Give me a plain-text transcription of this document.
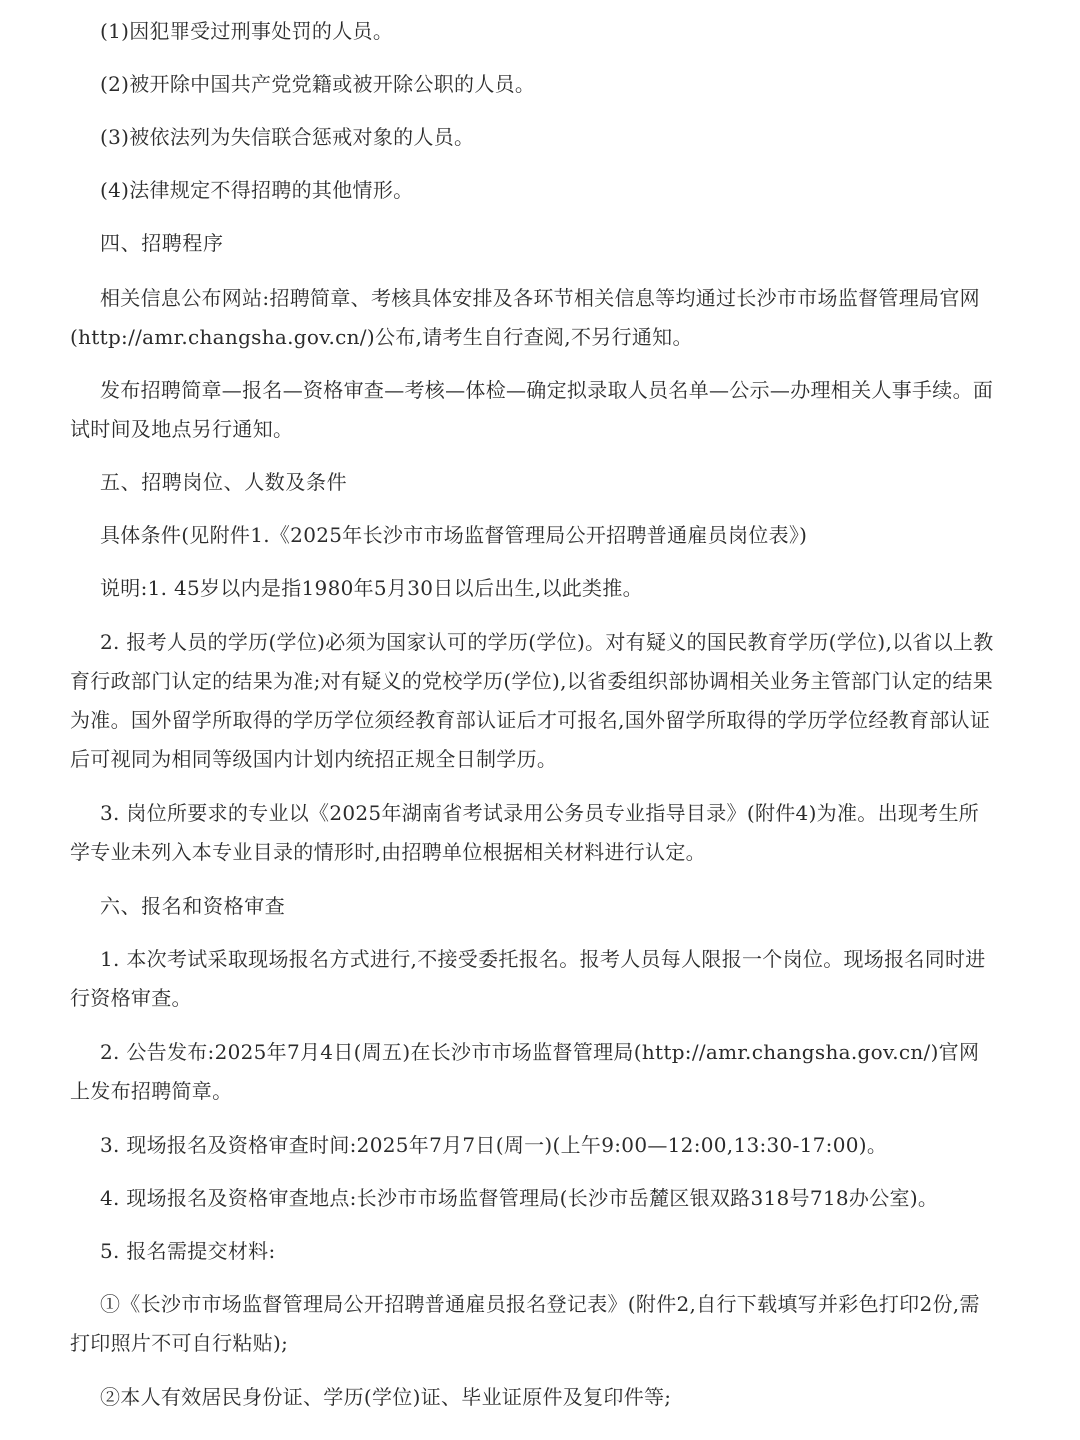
(1)因犯罪受过刑事处罚的人员。
(2)被开除中国共产党党籍或被开除公职的人员。
(3)被依法列为失信联合惩戒对象的人员。
(4)法律规定不得招聘的其他情形。
四、招聘程序
相关信息公布网站:招聘简章、考核具体安排及各环节相关信息等均通过长沙市市场监督管理局官网(http://amr.changsha.gov.cn/)公布,请考生自行查阅,不另行通知。
发布招聘简章—报名—资格审查—考核—体检—确定拟录取人员名单—公示—办理相关人事手续。面试时间及地点另行通知。
五、招聘岗位、人数及条件
具体条件(见附件1.《2025年长沙市市场监督管理局公开招聘普通雇员岗位表》)
说明:1. 45岁以内是指1980年5月30日以后出生,以此类推。
2. 报考人员的学历(学位)必须为国家认可的学历(学位)。对有疑义的国民教育学历(学位),以省以上教育行政部门认定的结果为准;对有疑义的党校学历(学位),以省委组织部协调相关业务主管部门认定的结果为准。国外留学所取得的学历学位须经教育部认证后才可报名,国外留学所取得的学历学位经教育部认证后可视同为相同等级国内计划内统招正规全日制学历。
3. 岗位所要求的专业以《2025年湖南省考试录用公务员专业指导目录》(附件4)为准。出现考生所学专业未列入本专业目录的情形时,由招聘单位根据相关材料进行认定。
六、报名和资格审查
1. 本次考试采取现场报名方式进行,不接受委托报名。报考人员每人限报一个岗位。现场报名同时进行资格审查。
2. 公告发布:2025年7月4日(周五)在长沙市市场监督管理局(http://amr.changsha.gov.cn/)官网上发布招聘简章。
3. 现场报名及资格审查时间:2025年7月7日(周一)(上午9:00—12:00,13:30-17:00)。
4. 现场报名及资格审查地点:长沙市市场监督管理局(长沙市岳麓区银双路318号718办公室)。
5. 报名需提交材料:
①《长沙市市场监督管理局公开招聘普通雇员报名登记表》(附件2,自行下载填写并彩色打印2份,需打印照片不可自行粘贴);
②本人有效居民身份证、学历(学位)证、毕业证原件及复印件等;
